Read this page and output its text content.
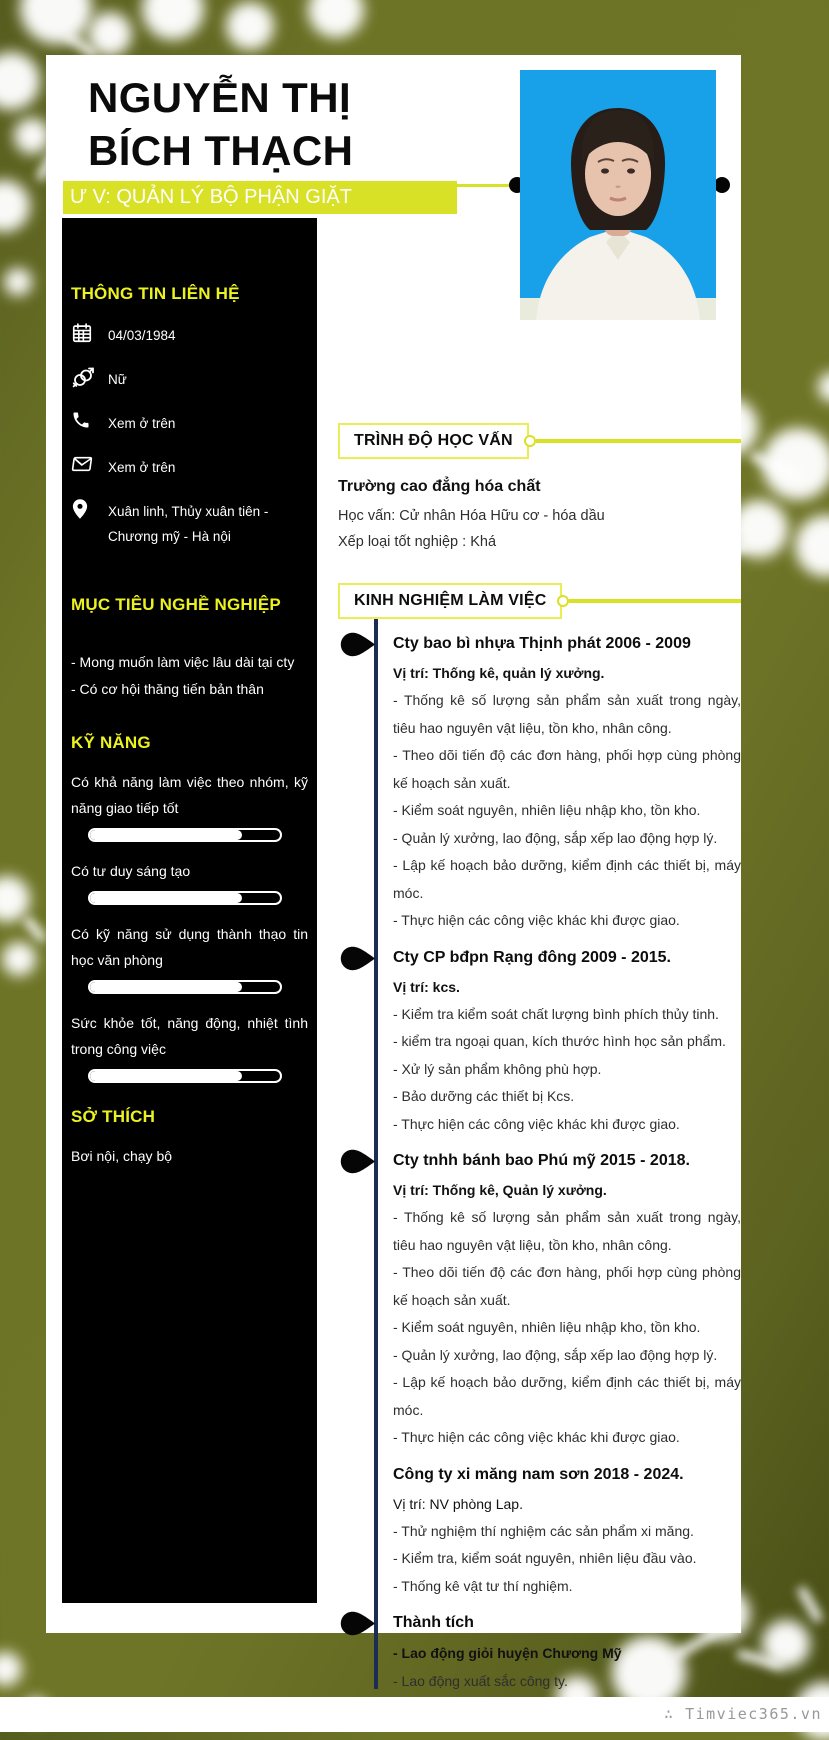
NGUYỄN THỊ
BÍCH THẠCH
Ư V: QUẢN LÝ BỘ PHẬN GIẶT
THÔNG TIN LIÊN HỆ
04/03/1984
Nữ
Xem ở trên
Xem ở trên
Xuân linh, Thủy xuân tiên - Chương mỹ - Hà nội
MỤC TIÊU NGHỀ NGHIỆP
- Mong muốn làm việc lâu dài tại cty
- Có cơ hội thăng tiến bản thân
KỸ NĂNG
Có khả năng làm việc theo nhóm, kỹ năng giao tiếp tốt
Có tư duy sáng tạo
Có kỹ năng sử dụng thành thạo tin học văn phòng
Sức khỏe tốt, năng động, nhiệt tình trong công việc
SỞ THÍCH
Bơi nội, chạy bộ
TRÌNH ĐỘ HỌC VẤN
Trường cao đẳng hóa chất
Học vấn: Cử nhân Hóa Hữu cơ - hóa dầu
Xếp loại tốt nghiệp : Khá
KINH NGHIỆM LÀM VIỆC
Cty bao bì nhựa Thịnh phát 2006 - 2009
Vị trí: Thống kê, quản lý xưởng.

- Thống kê số lượng sản phẩm sản xuất trong ngày, tiêu hao nguyên vật liệu, tồn kho, nhân công.

- Theo dõi tiến độ các đơn hàng, phối hợp cùng phòng kế hoạch sản xuất.

- Kiểm soát nguyên, nhiên liệu nhập kho, tồn kho.

- Quản lý xưởng, lao động, sắp xếp lao động hợp lý.

- Lập kế hoạch bảo dưỡng, kiểm định các thiết bị, máy móc.

- Thực hiện các công việc khác khi được giao.

Cty CP bđpn Rạng đông 2009 - 2015.
Vị trí: kcs.

- Kiểm tra kiểm soát chất lượng bình phích thủy tinh.

- kiểm tra ngoại quan, kích thước hình học sản phẩm.

- Xử lý sản phẩm không phù hợp.

- Bảo dưỡng các thiết bị Kcs.

- Thực hiện các công việc khác khi được giao.

Cty tnhh bánh bao Phú mỹ 2015 - 2018.
Vị trí: Thống kê, Quản lý xưởng.

- Thống kê số lượng sản phẩm sản xuất trong ngày, tiêu hao nguyên vật liệu, tồn kho, nhân công.

- Theo dõi tiến độ các đơn hàng, phối hợp cùng phòng kế hoạch sản xuất.

- Kiểm soát nguyên, nhiên liệu nhập kho, tồn kho.

- Quản lý xưởng, lao động, sắp xếp lao động hợp lý.

- Lập kế hoạch bảo dưỡng, kiểm định các thiết bị, máy móc.

- Thực hiện các công việc khác khi được giao.

Công ty xi măng nam sơn 2018 - 2024.
Vị trí: NV phòng Lap.

- Thử nghiệm thí nghiệm các sản phẩm xi măng.

- Kiểm tra, kiểm soát nguyên, nhiên liệu đầu vào.

- Thống kê vật tư thí nghiệm.

Thành tích

- Lao động giỏi huyện Chương Mỹ

- Lao động xuất sắc công ty.

∴ Timviec365.vn
